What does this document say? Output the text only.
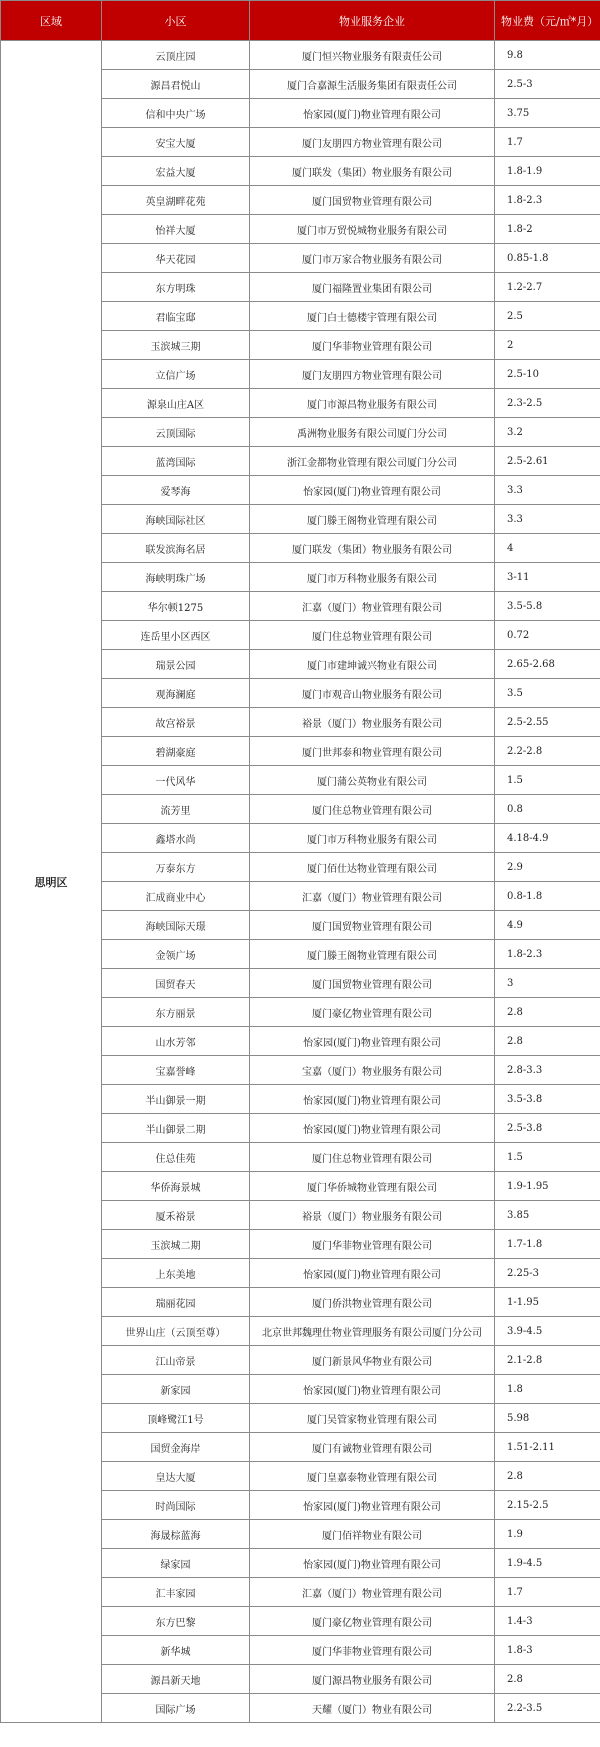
区域	小区	物业服务企业	物业费（元/㎡*月）
思明区	云顶庄园	厦门恒兴物业服务有限责任公司	9.8
	源昌君悦山	厦门合嘉源生活服务集团有限责任公司	2.5-3
	信和中央广场	怡家园(厦门)物业管理有限公司	3.75
	安宝大厦	厦门友朋四方物业管理有限公司	1.7
	宏益大厦	厦门联发（集团）物业服务有限公司	1.8-1.9
	英皇湖畔花苑	厦门国贸物业管理有限公司	1.8-2.3
	怡祥大厦	厦门市万贸悦城物业服务有限公司	1.8-2
	华天花园	厦门市万家合物业服务有限公司	0.85-1.8
	东方明珠	厦门福隆置业集团有限公司	1.2-2.7
	君临宝邸	厦门白士德楼宇管理有限公司	2.5
	玉滨城三期	厦门华菲物业管理有限公司	2
	立信广场	厦门友朋四方物业管理有限公司	2.5-10
	源泉山庄A区	厦门市源昌物业服务有限公司	2.3-2.5
	云顶国际	禹洲物业服务有限公司厦门分公司	3.2
	蓝湾国际	浙江金都物业管理有限公司厦门分公司	2.5-2.61
	爱琴海	怡家园(厦门)物业管理有限公司	3.3
	海峡国际社区	厦门滕王阁物业管理有限公司	3.3
	联发滨海名居	厦门联发（集团）物业服务有限公司	4
	海峡明珠广场	厦门市万科物业服务有限公司	3-11
	华尔顿1275	汇嘉（厦门）物业管理有限公司	3.5-5.8
	连岳里小区西区	厦门住总物业管理有限公司	0.72
	瑞景公园	厦门市建坤诚兴物业有限公司	2.65-2.68
	观海澜庭	厦门市观音山物业服务有限公司	3.5
	故宫裕景	裕景（厦门）物业服务有限公司	2.5-2.55
	碧湖豪庭	厦门世邦泰和物业管理有限公司	2.2-2.8
	一代风华	厦门蒲公英物业有限公司	1.5
	流芳里	厦门住总物业管理有限公司	0.8
	鑫塔水尚	厦门市万科物业服务有限公司	4.18-4.9
	万泰东方	厦门佰仕达物业管理有限公司	2.9
	汇成商业中心	汇嘉（厦门）物业管理有限公司	0.8-1.8
	海峡国际天璟	厦门国贸物业管理有限公司	4.9
	金领广场	厦门滕王阁物业管理有限公司	1.8-2.3
	国贸春天	厦门国贸物业管理有限公司	3
	东方丽景	厦门豪亿物业管理有限公司	2.8
	山水芳邻	怡家园(厦门)物业管理有限公司	2.8
	宝嘉誉峰	宝嘉（厦门）物业服务有限公司	2.8-3.3
	半山御景一期	怡家园(厦门)物业管理有限公司	3.5-3.8
	半山御景二期	怡家园(厦门)物业管理有限公司	2.5-3.8
	住总佳苑	厦门住总物业管理有限公司	1.5
	华侨海景城	厦门华侨城物业管理有限公司	1.9-1.95
	厦禾裕景	裕景（厦门）物业服务有限公司	3.85
	玉滨城二期	厦门华菲物业管理有限公司	1.7-1.8
	上东美地	怡家园(厦门)物业管理有限公司	2.25-3
	瑞丽花园	厦门侨洪物业管理有限公司	1-1.95
	世界山庄（云顶至尊）	北京世邦魏理仕物业管理服务有限公司厦门分公司	3.9-4.5
	江山帝景	厦门新景风华物业有限公司	2.1-2.8
	新家园	怡家园(厦门)物业管理有限公司	1.8
	顶峰鹭江1号	厦门吴管家物业管理有限公司	5.98
	国贸金海岸	厦门有诚物业管理有限公司	1.51-2.11
	皇达大厦	厦门皇嘉泰物业管理有限公司	2.8
	时尚国际	怡家园(厦门)物业管理有限公司	2.15-2.5
	海晟棕蓝海	厦门佰祥物业有限公司	1.9
	绿家园	怡家园(厦门)物业管理有限公司	1.9-4.5
	汇丰家园	汇嘉（厦门）物业管理有限公司	1.7
	东方巴黎	厦门豪亿物业管理有限公司	1.4-3
	新华城	厦门华菲物业管理有限公司	1.8-3
	源昌新天地	厦门源昌物业服务有限公司	2.8
	国际广场	天耀（厦门）物业有限公司	2.2-3.5
